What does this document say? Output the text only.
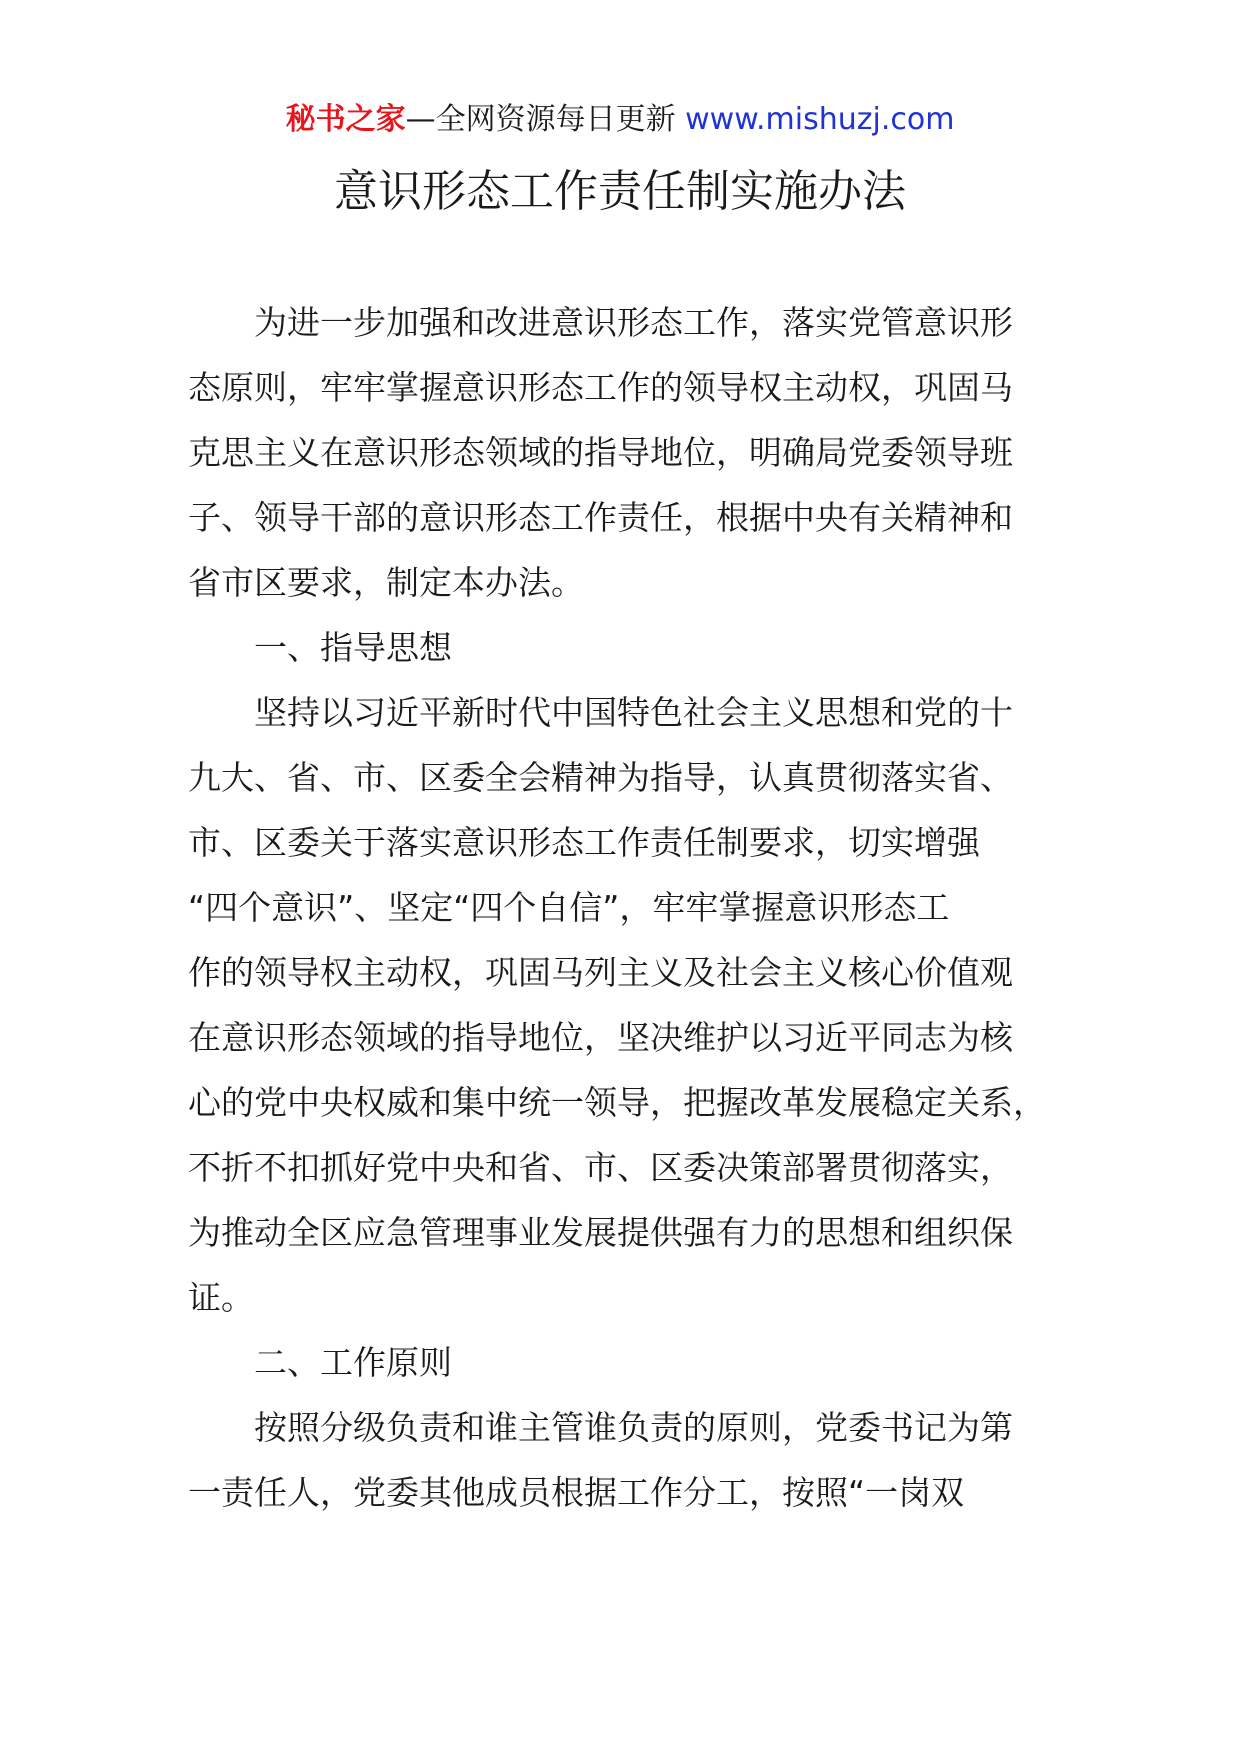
秘书之家—全网资源每日更新 www.mishuzj.com
意识形态工作责任制实施办法
为进一步加强和改进意识形态工作，落实党管意识形
态原则，牢牢掌握意识形态工作的领导权主动权，巩固马
克思主义在意识形态领域的指导地位，明确局党委领导班
子、领导干部的意识形态工作责任，根据中央有关精神和
省市区要求，制定本办法。
一、指导思想
坚持以习近平新时代中国特色社会主义思想和党的十
九大、省、市、区委全会精神为指导，认真贯彻落实省、
市、区委关于落实意识形态工作责任制要求，切实增强
“四个意识”、坚定“四个自信”，牢牢掌握意识形态工
作的领导权主动权，巩固马列主义及社会主义核心价值观
在意识形态领域的指导地位，坚决维护以习近平同志为核
心的党中央权威和集中统一领导，把握改革发展稳定关系，
不折不扣抓好党中央和省、市、区委决策部署贯彻落实，
为推动全区应急管理事业发展提供强有力的思想和组织保
证。
二、工作原则
按照分级负责和谁主管谁负责的原则，党委书记为第
一责任人，党委其他成员根据工作分工，按照“一岗双
